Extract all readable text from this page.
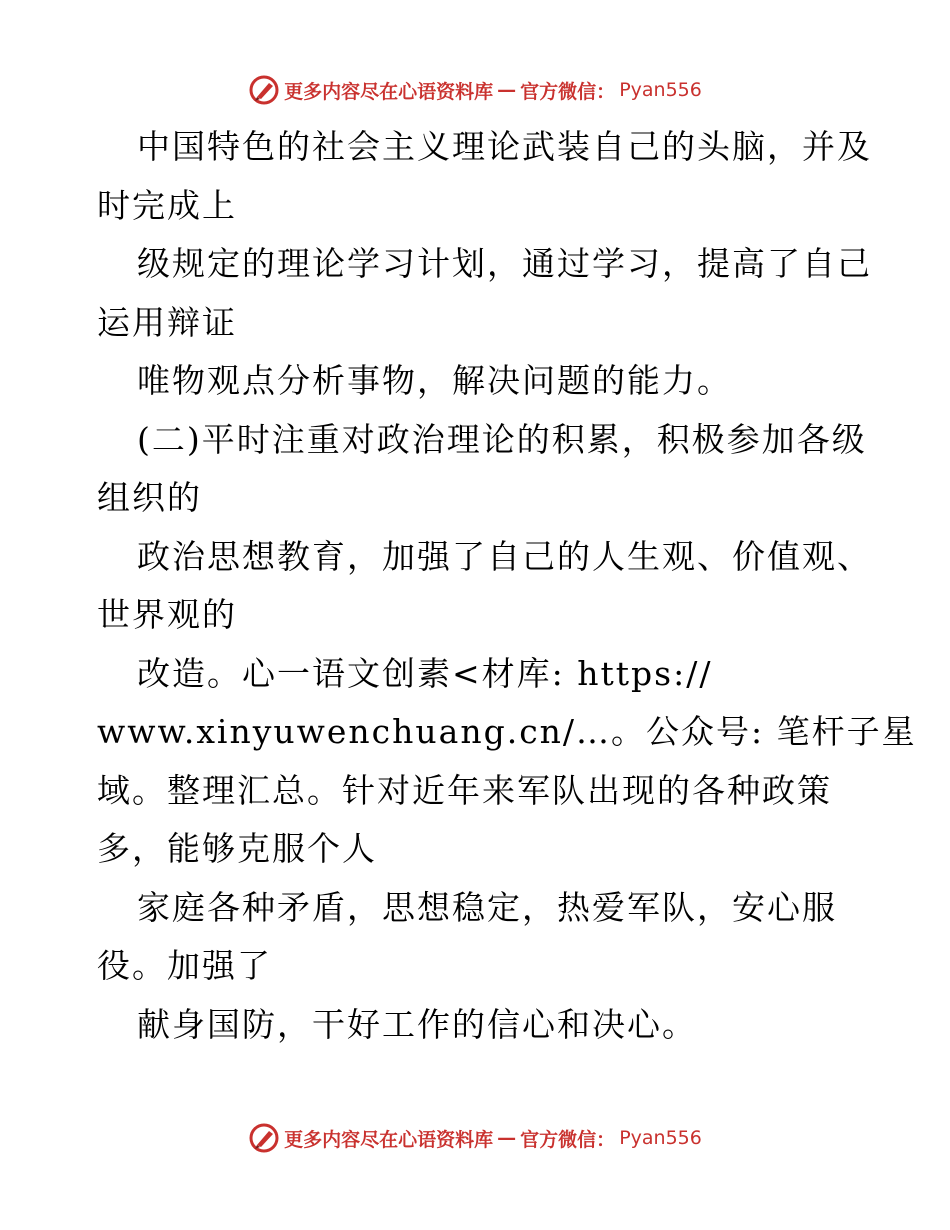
更多内容尽在心语资料库 — 官方微信： Pyan556
中国特色的社会主义理论武装自己的头脑，并及
时完成上
级规定的理论学习计划，通过学习，提高了自己
运用辩证
唯物观点分析事物，解决问题的能力。
(二)平时注重对政治理论的积累，积极参加各级
组织的
政治思想教育，加强了自己的人生观、价值观、
世界观的
改造。心一语文创素<材库: https://
www.xinyuwenchuang.cn/…。公众号: 笔杆子星
域。整理汇总。针对近年来军队出现的各种政策
多，能够克服个人
家庭各种矛盾，思想稳定，热爱军队，安心服
役。加强了
献身国防，干好工作的信心和决心。
更多内容尽在心语资料库 — 官方微信： Pyan556
